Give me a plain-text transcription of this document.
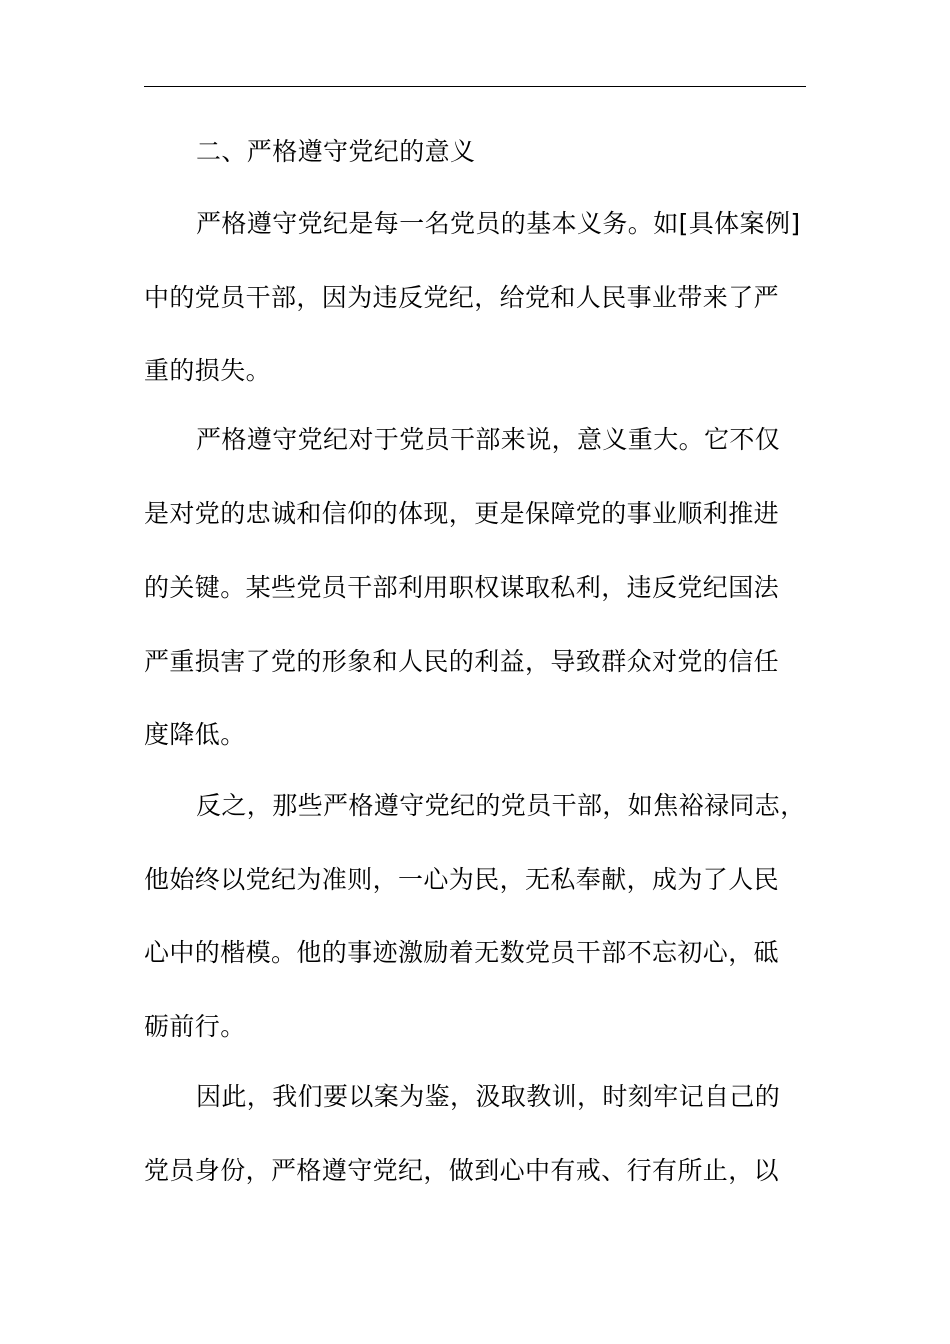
二、严格遵守党纪的意义
严格遵守党纪是每一名党员的基本义务。如[具体案例]
中的党员干部，因为违反党纪，给党和人民事业带来了严
重的损失。
严格遵守党纪对于党员干部来说，意义重大。它不仅
是对党的忠诚和信仰的体现，更是保障党的事业顺利推进
的关键。某些党员干部利用职权谋取私利，违反党纪国法
严重损害了党的形象和人民的利益，导致群众对党的信任
度降低。
反之，那些严格遵守党纪的党员干部，如焦裕禄同志，
他始终以党纪为准则，一心为民，无私奉献，成为了人民
心中的楷模。他的事迹激励着无数党员干部不忘初心，砥
砺前行。
因此，我们要以案为鉴，汲取教训，时刻牢记自己的
党员身份，严格遵守党纪，做到心中有戒、行有所止，以
